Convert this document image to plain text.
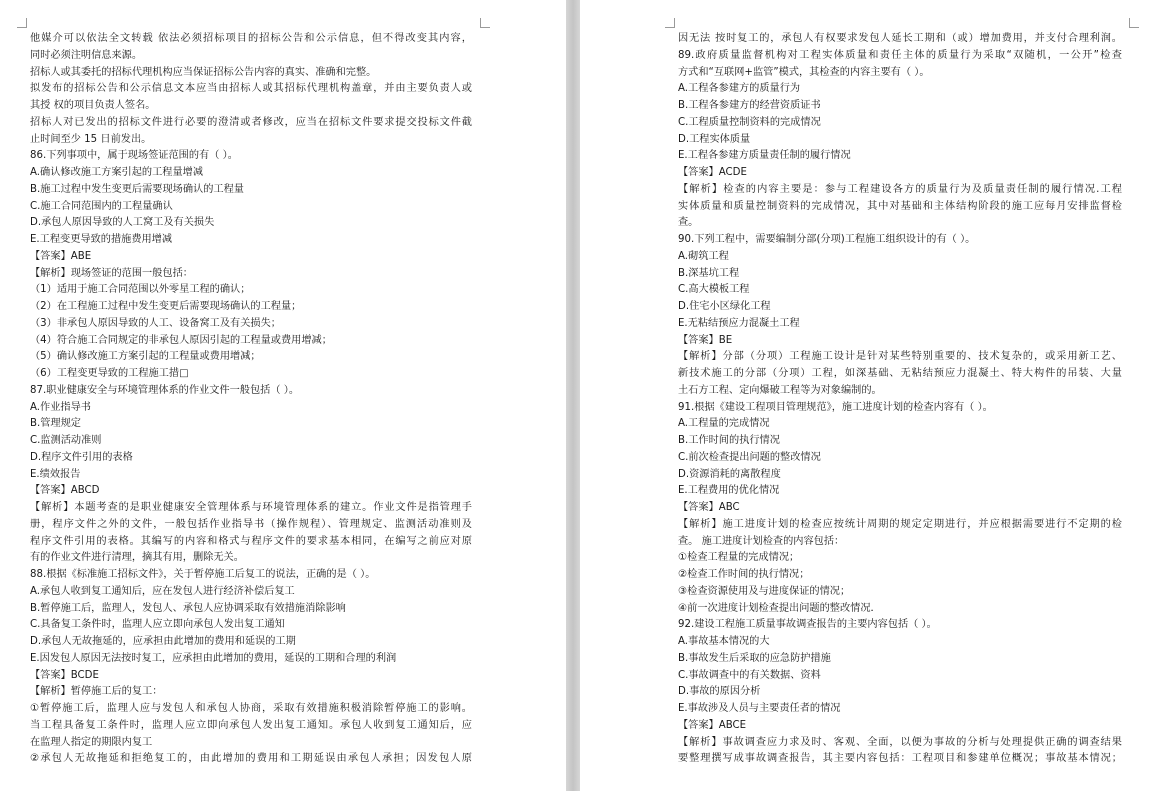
他媒介可以依法全文转载 依法必须招标项目的招标公告和公示信息，但不得改变其内容，
同时必须注明信息来源。
招标人或其委托的招标代理机构应当保证招标公告内容的真实、准确和完整。
拟发布的招标公告和公示信息文本应当由招标人或其招标代理机构盖章，并由主要负责人或
其授 权的项目负责人签名。
招标人对已发出的招标文件进行必要的澄清或者修改，应当在招标文件要求提交投标文件截
止时间至少 15 日前发出。
86.下列事项中，属于现场签证范围的有（ ）。
A.确认修改施工方案引起的工程量增减
B.施工过程中发生变更后需要现场确认的工程量
C.施工合同范围内的工程量确认
D.承包人原因导致的人工窝工及有关损失
E.工程变更导致的措施费用增减
【答案】ABE
【解析】现场签证的范围一般包括：
（1）适用于施工合同范围以外零星工程的确认；
（2）在工程施工过程中发生变更后需要现场确认的工程量；
（3）非承包人原因导致的人工、设备窝工及有关损失；
（4）符合施工合同规定的非承包人原因引起的工程量或费用增减；
（5）确认修改施工方案引起的工程量或费用增减；
（6）工程变更导致的工程施工措□
87.职业健康安全与环境管理体系的作业文件一般包括（ ）。
A.作业指导书
B.管理规定
C.监测活动准则
D.程序文件引用的表格
E.绩效报告
【答案】ABCD
【解析】本题考查的是职业健康安全管理体系与环境管理体系的建立。作业文件是指管理手
册，程序文件之外的文件，一般包括作业指导书（操作规程）、管理规定、监测活动准则及
程序文件引用的表格。其编写的内容和格式与程序文件的要求基本相同，在编写之前应对原
有的作业文件进行清理，摘其有用，删除无关。
88.根据《标准施工招标文件》，关于暂停施工后复工的说法，正确的是（ ）。
A.承包人收到复工通知后，应在发包人进行经济补偿后复工
B.暂停施工后，监理人，发包人、承包人应协调采取有效措施消除影响
C.具备复工条件时，监理人应立即向承包人发出复工通知
D.承包人无故拖延的，应承担由此增加的费用和延误的工期
E.因发包人原因无法按时复工，应承担由此增加的费用，延误的工期和合理的利润
【答案】BCDE
【解析】暂停施工后的复工：
①暂停施工后，监理人应与发包人和承包人协商，采取有效措施积极消除暂停施工的影响。
当工程具备复工条件时，监理人应立即向承包人发出复工通知。承包人收到复工通知后，应
在监理人指定的期限内复工
②承包人无故拖延和拒绝复工的，由此增加的费用和工期延误由承包人承担；因发包人原
因无法 按时复工的，承包人有权要求发包人延长工期和（或）增加费用，并支付合理利润。
89.政府质量监督机构对工程实体质量和责任主体的质量行为采取“双随机，一公开”检查
方式和“互联网+监管”模式，其检查的内容主要有（ ）。
A.工程各参建方的质量行为
B.工程各参建方的经营资质证书
C.工程质量控制资料的完成情况
D.工程实体质量
E.工程各参建方质量责任制的履行情况
【答案】ACDE
【解析】检查的内容主要是：参与工程建设各方的质量行为及质量责任制的履行情况.工程
实体质量和质量控制资料的完成情况，其中对基础和主体结构阶段的施工应每月安排监督检
查。
90.下列工程中，需要编制分部(分项)工程施工组织设计的有（ ）。
A.砌筑工程
B.深基坑工程
C.高大模板工程
D.住宅小区绿化工程
E.无粘结预应力混凝土工程
【答案】BE
【解析】分部（分项）工程施工设计是针对某些特别重要的、技术复杂的，或采用新工艺、
新技术施工的分部（分项）工程，如深基础、无粘结预应力混凝土、特大构件的吊装、大量
土石方工程、定向爆破工程等为对象编制的。
91.根据《建设工程项目管理规范》，施工进度计划的检查内容有（ ）。
A.工程量的完成情况
B.工作时间的执行情况
C.前次检查提出问题的整改情况
D.资源消耗的离散程度
E.工程费用的优化情况
【答案】ABC
【解析】施工进度计划的检查应按统计周期的规定定期进行，并应根据需要进行不定期的检
查。 施工进度计划检查的内容包括：
①检查工程量的完成情况；
②检查工作时间的执行情况；
③检查资源使用及与进度保证的情况；
④前一次进度计划检查提出问题的整改情况．
92.建设工程施工质量事故调查报告的主要内容包括（ ）。
A.事故基本情况的大
B.事故发生后采取的应急防护措施
C.事故调查中的有关数据、资料
D.事故的原因分析
E.事故涉及人员与主要责任者的情况
【答案】ABCE
【解析】事故调查应力求及时、客观、全面，以便为事故的分析与处理提供正确的调查结果
要整理撰写成事故调查报告，其主要内容包括：工程项目和参建单位概况；事故基本情况；
